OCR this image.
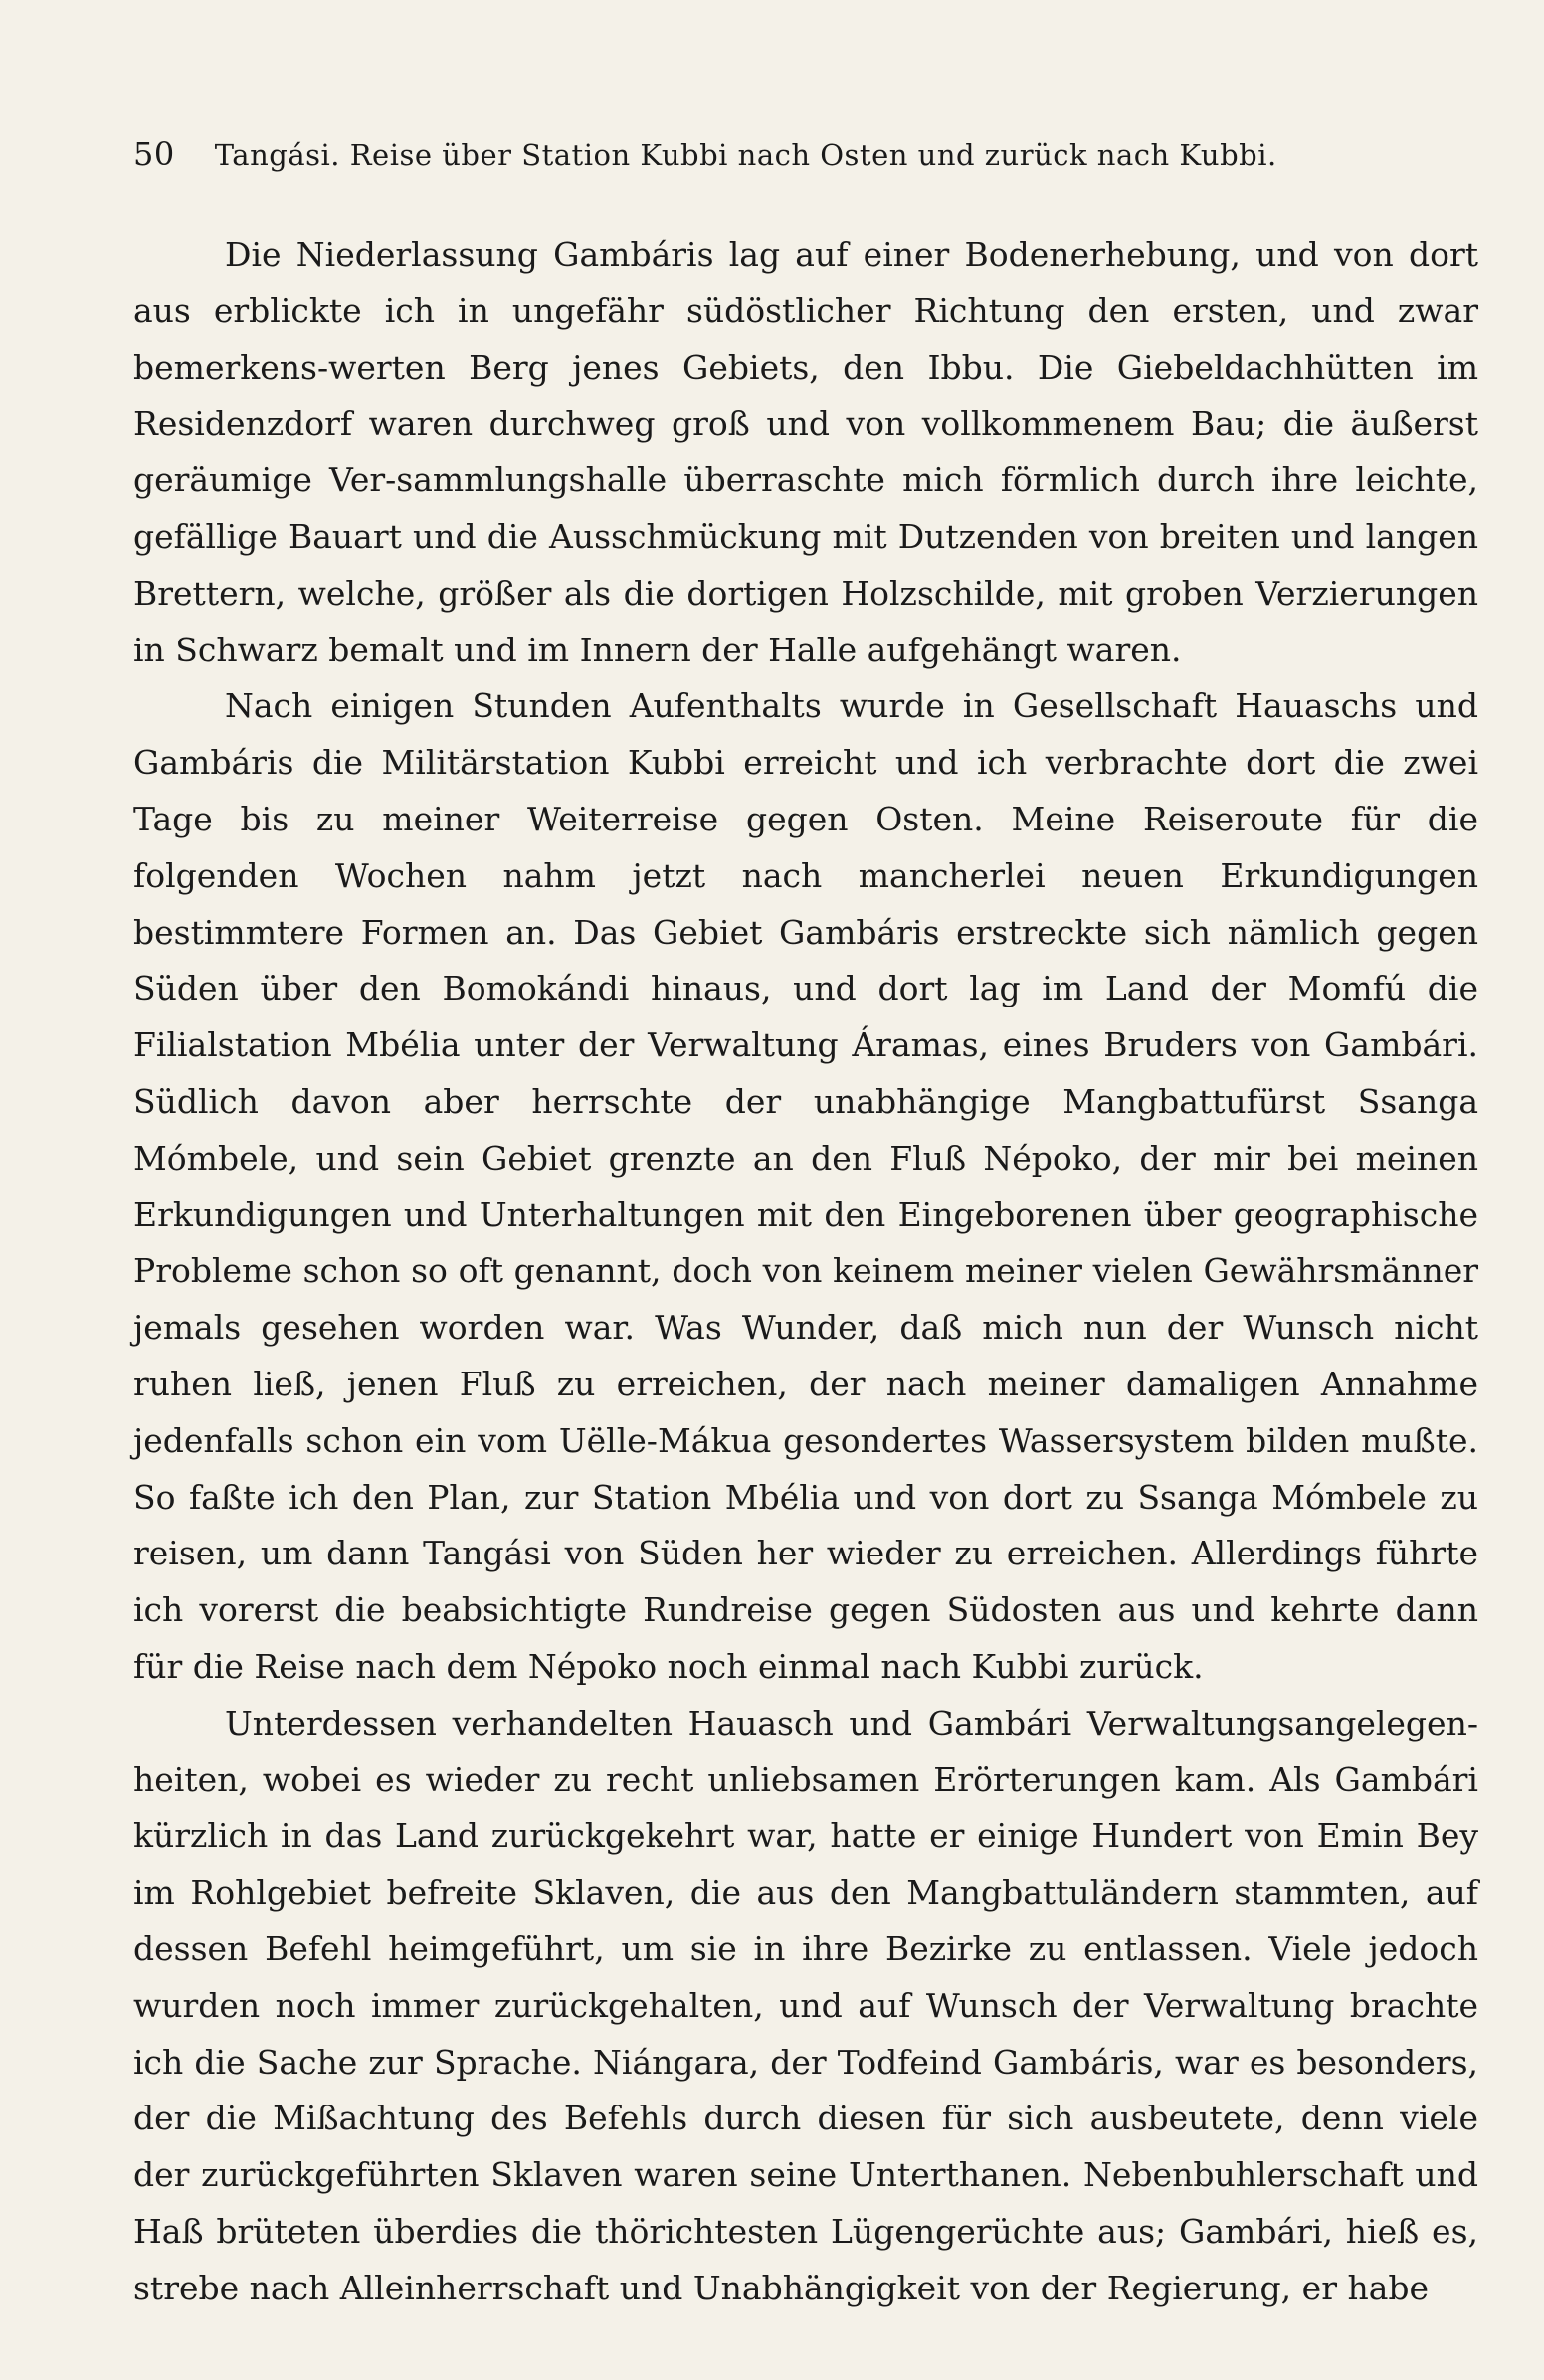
50 Tangási. Reise über Station Kubbi nach Osten und zurück nach Kubbi.

Die Niederlassung Gambáris lag auf einer Bodenerhebung, und von dort aus erblickte ich in ungefähr südöstlicher Richtung den ersten, und zwar bemerkens-werten Berg jenes Gebiets, den Ibbu. Die Giebeldachhütten im Residenzdorf waren durchweg groß und von vollkommenem Bau; die äußerst geräumige Ver-sammlungshalle überraschte mich förmlich durch ihre leichte, gefällige Bauart und die Ausschmückung mit Dutzenden von breiten und langen Brettern, welche, größer als die dortigen Holzschilde, mit groben Verzierungen in Schwarz bemalt und im Innern der Halle aufgehängt waren.

Nach einigen Stunden Aufenthalts wurde in Gesellschaft Hauaschs und Gambáris die Militärstation Kubbi erreicht und ich verbrachte dort die zwei Tage bis zu meiner Weiterreise gegen Osten. Meine Reiseroute für die folgenden Wochen nahm jetzt nach mancherlei neuen Erkundigungen bestimmtere Formen an. Das Gebiet Gambáris erstreckte sich nämlich gegen Süden über den Bomokándi hinaus, und dort lag im Land der Momfú die Filialstation Mbélia unter der Verwaltung Áramas, eines Bruders von Gambári. Südlich davon aber herrschte der unabhängige Mangbattufürst Ssanga Mómbele, und sein Gebiet grenzte an den Fluß Népoko, der mir bei meinen Erkundigungen und Unterhaltungen mit den Eingeborenen über geographische Probleme schon so oft genannt, doch von keinem meiner vielen Gewährsmänner jemals gesehen worden war. Was Wunder, daß mich nun der Wunsch nicht ruhen ließ, jenen Fluß zu erreichen, der nach meiner damaligen Annahme jedenfalls schon ein vom Uëlle-Mákua gesondertes Wassersystem bilden mußte. So faßte ich den Plan, zur Station Mbélia und von dort zu Ssanga Mómbele zu reisen, um dann Tangási von Süden her wieder zu erreichen. Allerdings führte ich vorerst die beabsichtigte Rundreise gegen Südosten aus und kehrte dann für die Reise nach dem Népoko noch einmal nach Kubbi zurück.

Unterdessen verhandelten Hauasch und Gambári Verwaltungsangelegen-heiten, wobei es wieder zu recht unliebsamen Erörterungen kam. Als Gambári kürzlich in das Land zurückgekehrt war, hatte er einige Hundert von Emin Bey im Rohlgebiet befreite Sklaven, die aus den Mangbattuländern stammten, auf dessen Befehl heimgeführt, um sie in ihre Bezirke zu entlassen. Viele jedoch wurden noch immer zurückgehalten, und auf Wunsch der Verwaltung brachte ich die Sache zur Sprache. Niángara, der Todfeind Gambáris, war es besonders, der die Mißachtung des Befehls durch diesen für sich ausbeutete, denn viele der zurückgeführten Sklaven waren seine Unterthanen. Nebenbuhlerschaft und Haß brüteten überdies die thörichtesten Lügengerüchte aus; Gambári, hieß es, strebe nach Alleinherrschaft und Unabhängigkeit von der Regierung, er habe
